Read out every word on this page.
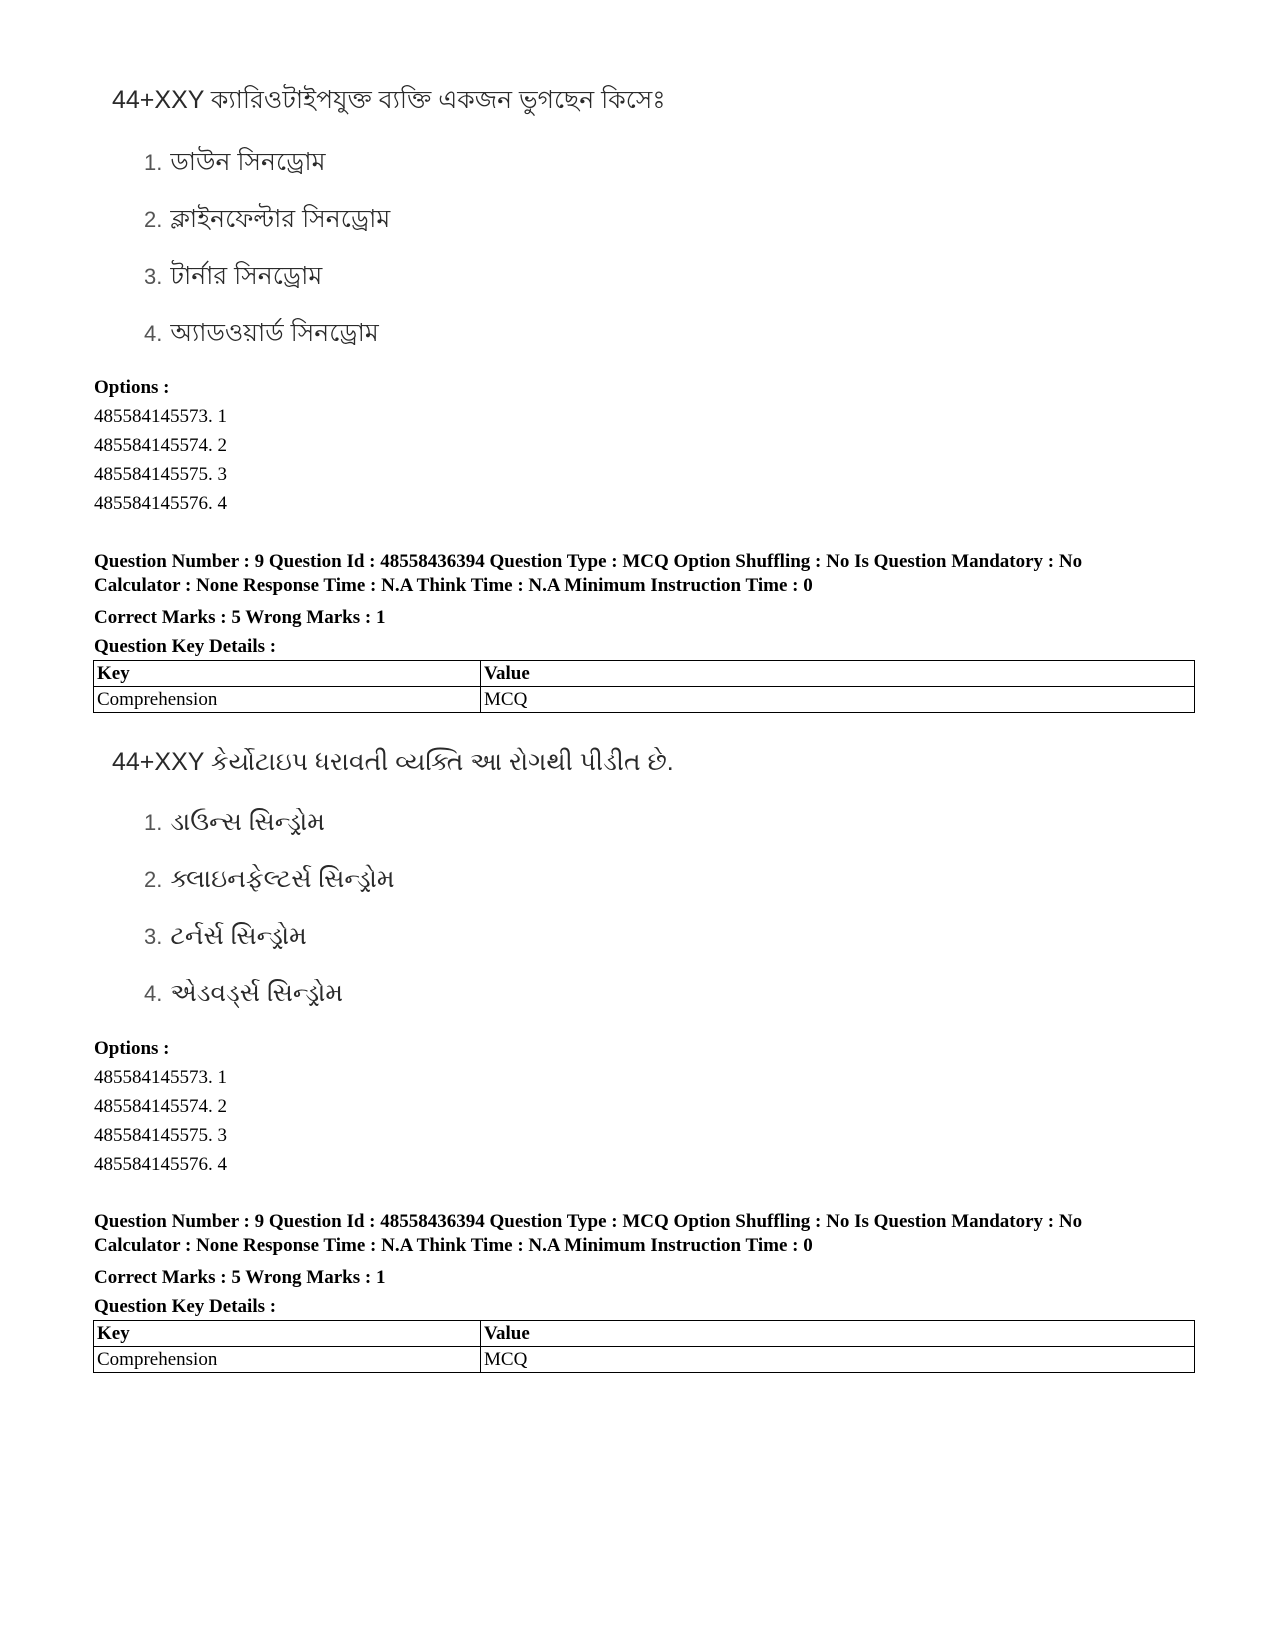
44+XXY ক্যারিওটাইপযুক্ত ব্যক্তি একজন ভুগছেন কিসেঃ
1. ডাউন সিনড্রোম
2. ক্লাইনফেল্টার সিনড্রোম
3. টার্নার সিনড্রোম
4. অ্যাডওয়ার্ড সিনড্রোম
Options :
485584145573. 1
485584145574. 2
485584145575. 3
485584145576. 4
Question Number : 9 Question Id : 48558436394 Question Type : MCQ Option Shuffling : No Is Question Mandatory : No
Calculator : None Response Time : N.A Think Time : N.A Minimum Instruction Time : 0
Correct Marks : 5 Wrong Marks : 1
Question Key Details :
Key	Value
Comprehension	MCQ
44+XXY કેર્યોટાઇપ ધરાવતી વ્યક્તિ આ રોગથી પીડીત છે.
1. ડાઉન્સ સિન્ડ્રોમ
2. ક્લાઇનફેલ્ટર્સ સિન્ડ્રોમ
3. ટર્નર્સ સિન્ડ્રોમ
4. એડવર્ડ્સ સિન્ડ્રોમ
Options :
485584145573. 1
485584145574. 2
485584145575. 3
485584145576. 4
Question Number : 9 Question Id : 48558436394 Question Type : MCQ Option Shuffling : No Is Question Mandatory : No
Calculator : None Response Time : N.A Think Time : N.A Minimum Instruction Time : 0
Correct Marks : 5 Wrong Marks : 1
Question Key Details :
Key	Value
Comprehension	MCQ
